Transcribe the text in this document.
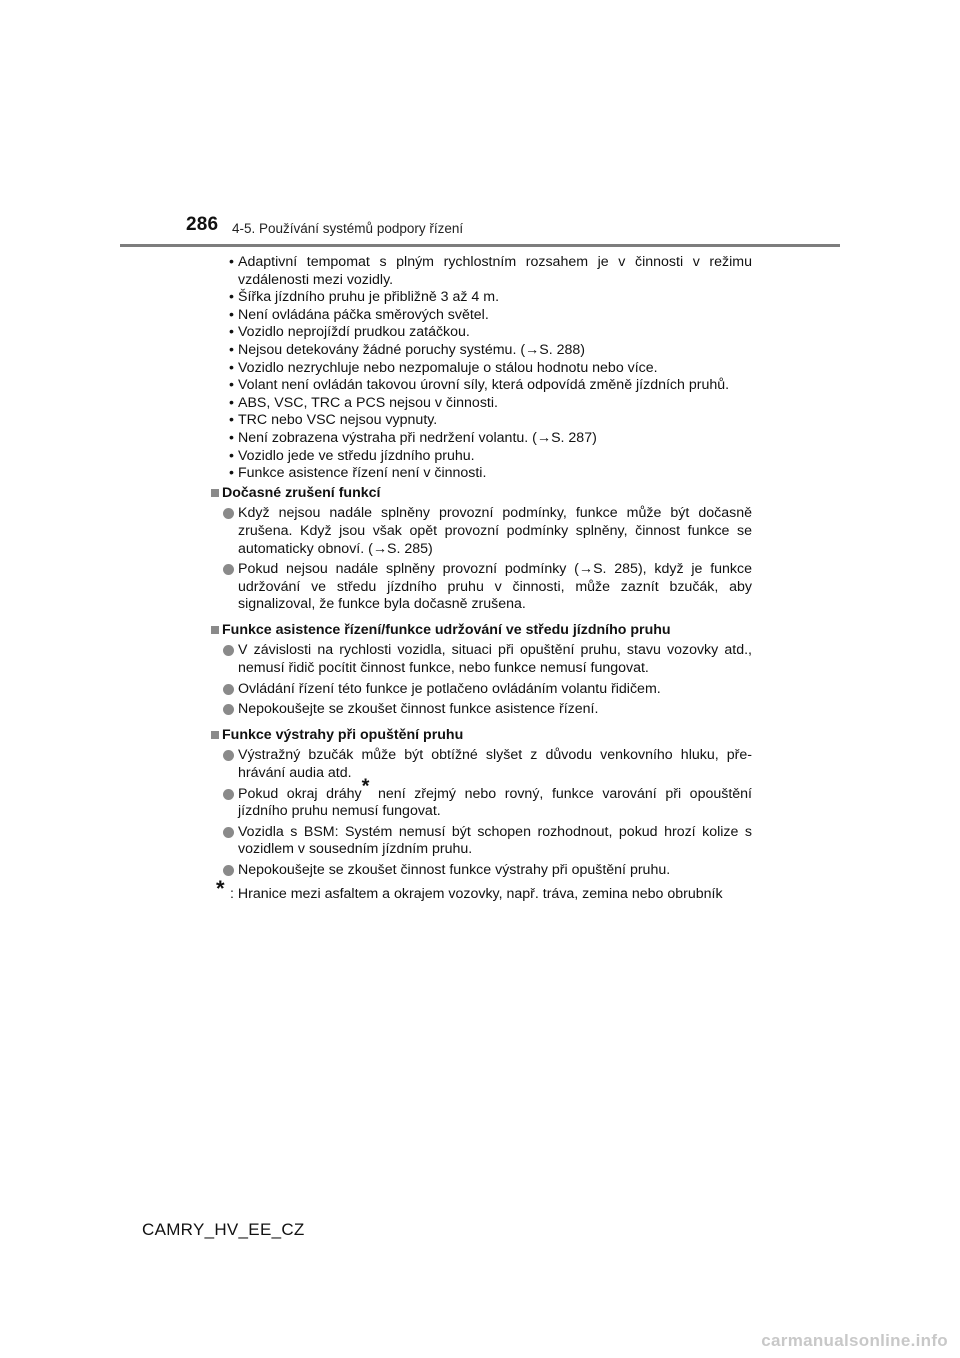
286 4-5. Používání systémů podpory řízení
• Adaptivní tempomat s plným rychlostním rozsahem je v činnosti v režimu vzdálenosti mezi vozidly.
• Šířka jízdního pruhu je přibližně 3 až 4 m.
• Není ovládána páčka směrových světel.
• Vozidlo neprojíždí prudkou zatáčkou.
• Nejsou detekovány žádné poruchy systému. (→S. 288)
• Vozidlo nezrychluje nebo nezpomaluje o stálou hodnotu nebo více.
• Volant není ovládán takovou úrovní síly, která odpovídá změně jízdních pruhů.
• ABS, VSC, TRC a PCS nejsou v činnosti.
• TRC nebo VSC nejsou vypnuty.
• Není zobrazena výstraha při nedržení volantu. (→S. 287)
• Vozidlo jede ve středu jízdního pruhu.
• Funkce asistence řízení není v činnosti.
Dočasné zrušení funkcí
Když nejsou nadále splněny provozní podmínky, funkce může být dočasně zrušena. Když jsou však opět provozní podmínky splněny, činnost funkce se automaticky obnoví. (→S. 285)
Pokud nejsou nadále splněny provozní podmínky (→S. 285), když je funkce udržování ve středu jízdního pruhu v činnosti, může zaznít bzučák, aby signalizoval, že funkce byla dočasně zrušena.
Funkce asistence řízení/funkce udržování ve středu jízdního pruhu
V závislosti na rychlosti vozidla, situaci při opuštění pruhu, stavu vozovky atd., nemusí řidič pocítit činnost funkce, nebo funkce nemusí fungovat.
Ovládání řízení této funkce je potlačeno ovládáním volantu řidičem.
Nepokoušejte se zkoušet činnost funkce asistence řízení.
Funkce výstrahy při opuštění pruhu
Výstražný bzučák může být obtížné slyšet z důvodu venkovního hluku, pře-hrávání audia atd.
Pokud okraj dráhy* není zřejmý nebo rovný, funkce varování při opouštění jízdního pruhu nemusí fungovat.
Vozidla s BSM: Systém nemusí být schopen rozhodnout, pokud hrozí kolize s vozidlem v sousedním jízdním pruhu.
Nepokoušejte se zkoušet činnost funkce výstrahy při opuštění pruhu.
* : Hranice mezi asfaltem a okrajem vozovky, např. tráva, zemina nebo obrubník
CAMRY_HV_EE_CZ
carmanualsonline.info
